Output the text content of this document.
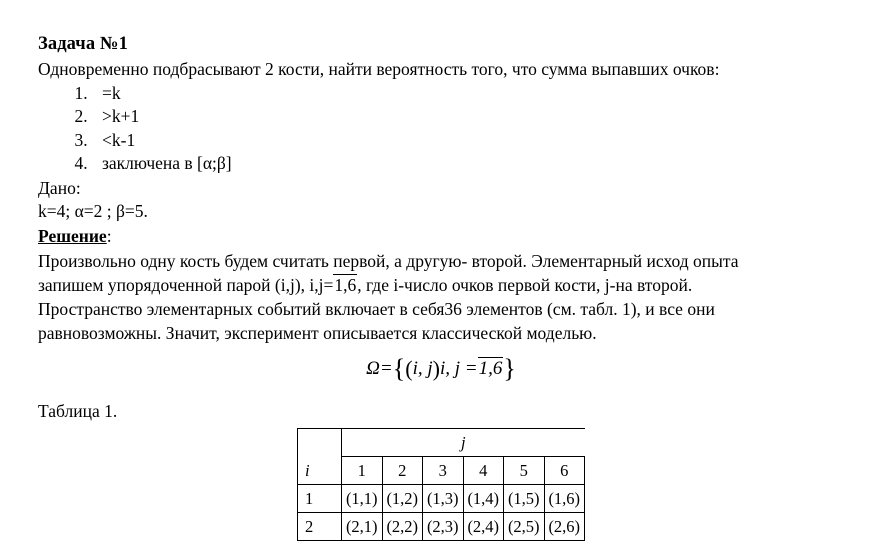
Задача №1
Одновременно подбрасывают 2 кости, найти вероятность того, что сумма выпавших очков:
1. =k
2. >k+1
3. <k-1
4. заключена в [α;β]
Дано:
k=4; α=2 ; β=5.
Решение:
Произвольно одну кость будем считать первой, а другую- второй. Элементарный исход опыта
запишем упорядоченной парой (i,j), i,j=1,6, где i-число очков первой кости, j-на второй.
Пространство элементарных событий включает в себя36 элементов (см. табл. 1), и все они
равновозможны. Значит, эксперимент описывается классической моделью.
Ω={(i, j)i, j =1,6}
Таблица 1.
	j					
i	1	2	3	4	5	6
1	(1,1)	(1,2)	(1,3)	(1,4)	(1,5)	(1,6)
2	(2,1)	(2,2)	(2,3)	(2,4)	(2,5)	(2,6)
